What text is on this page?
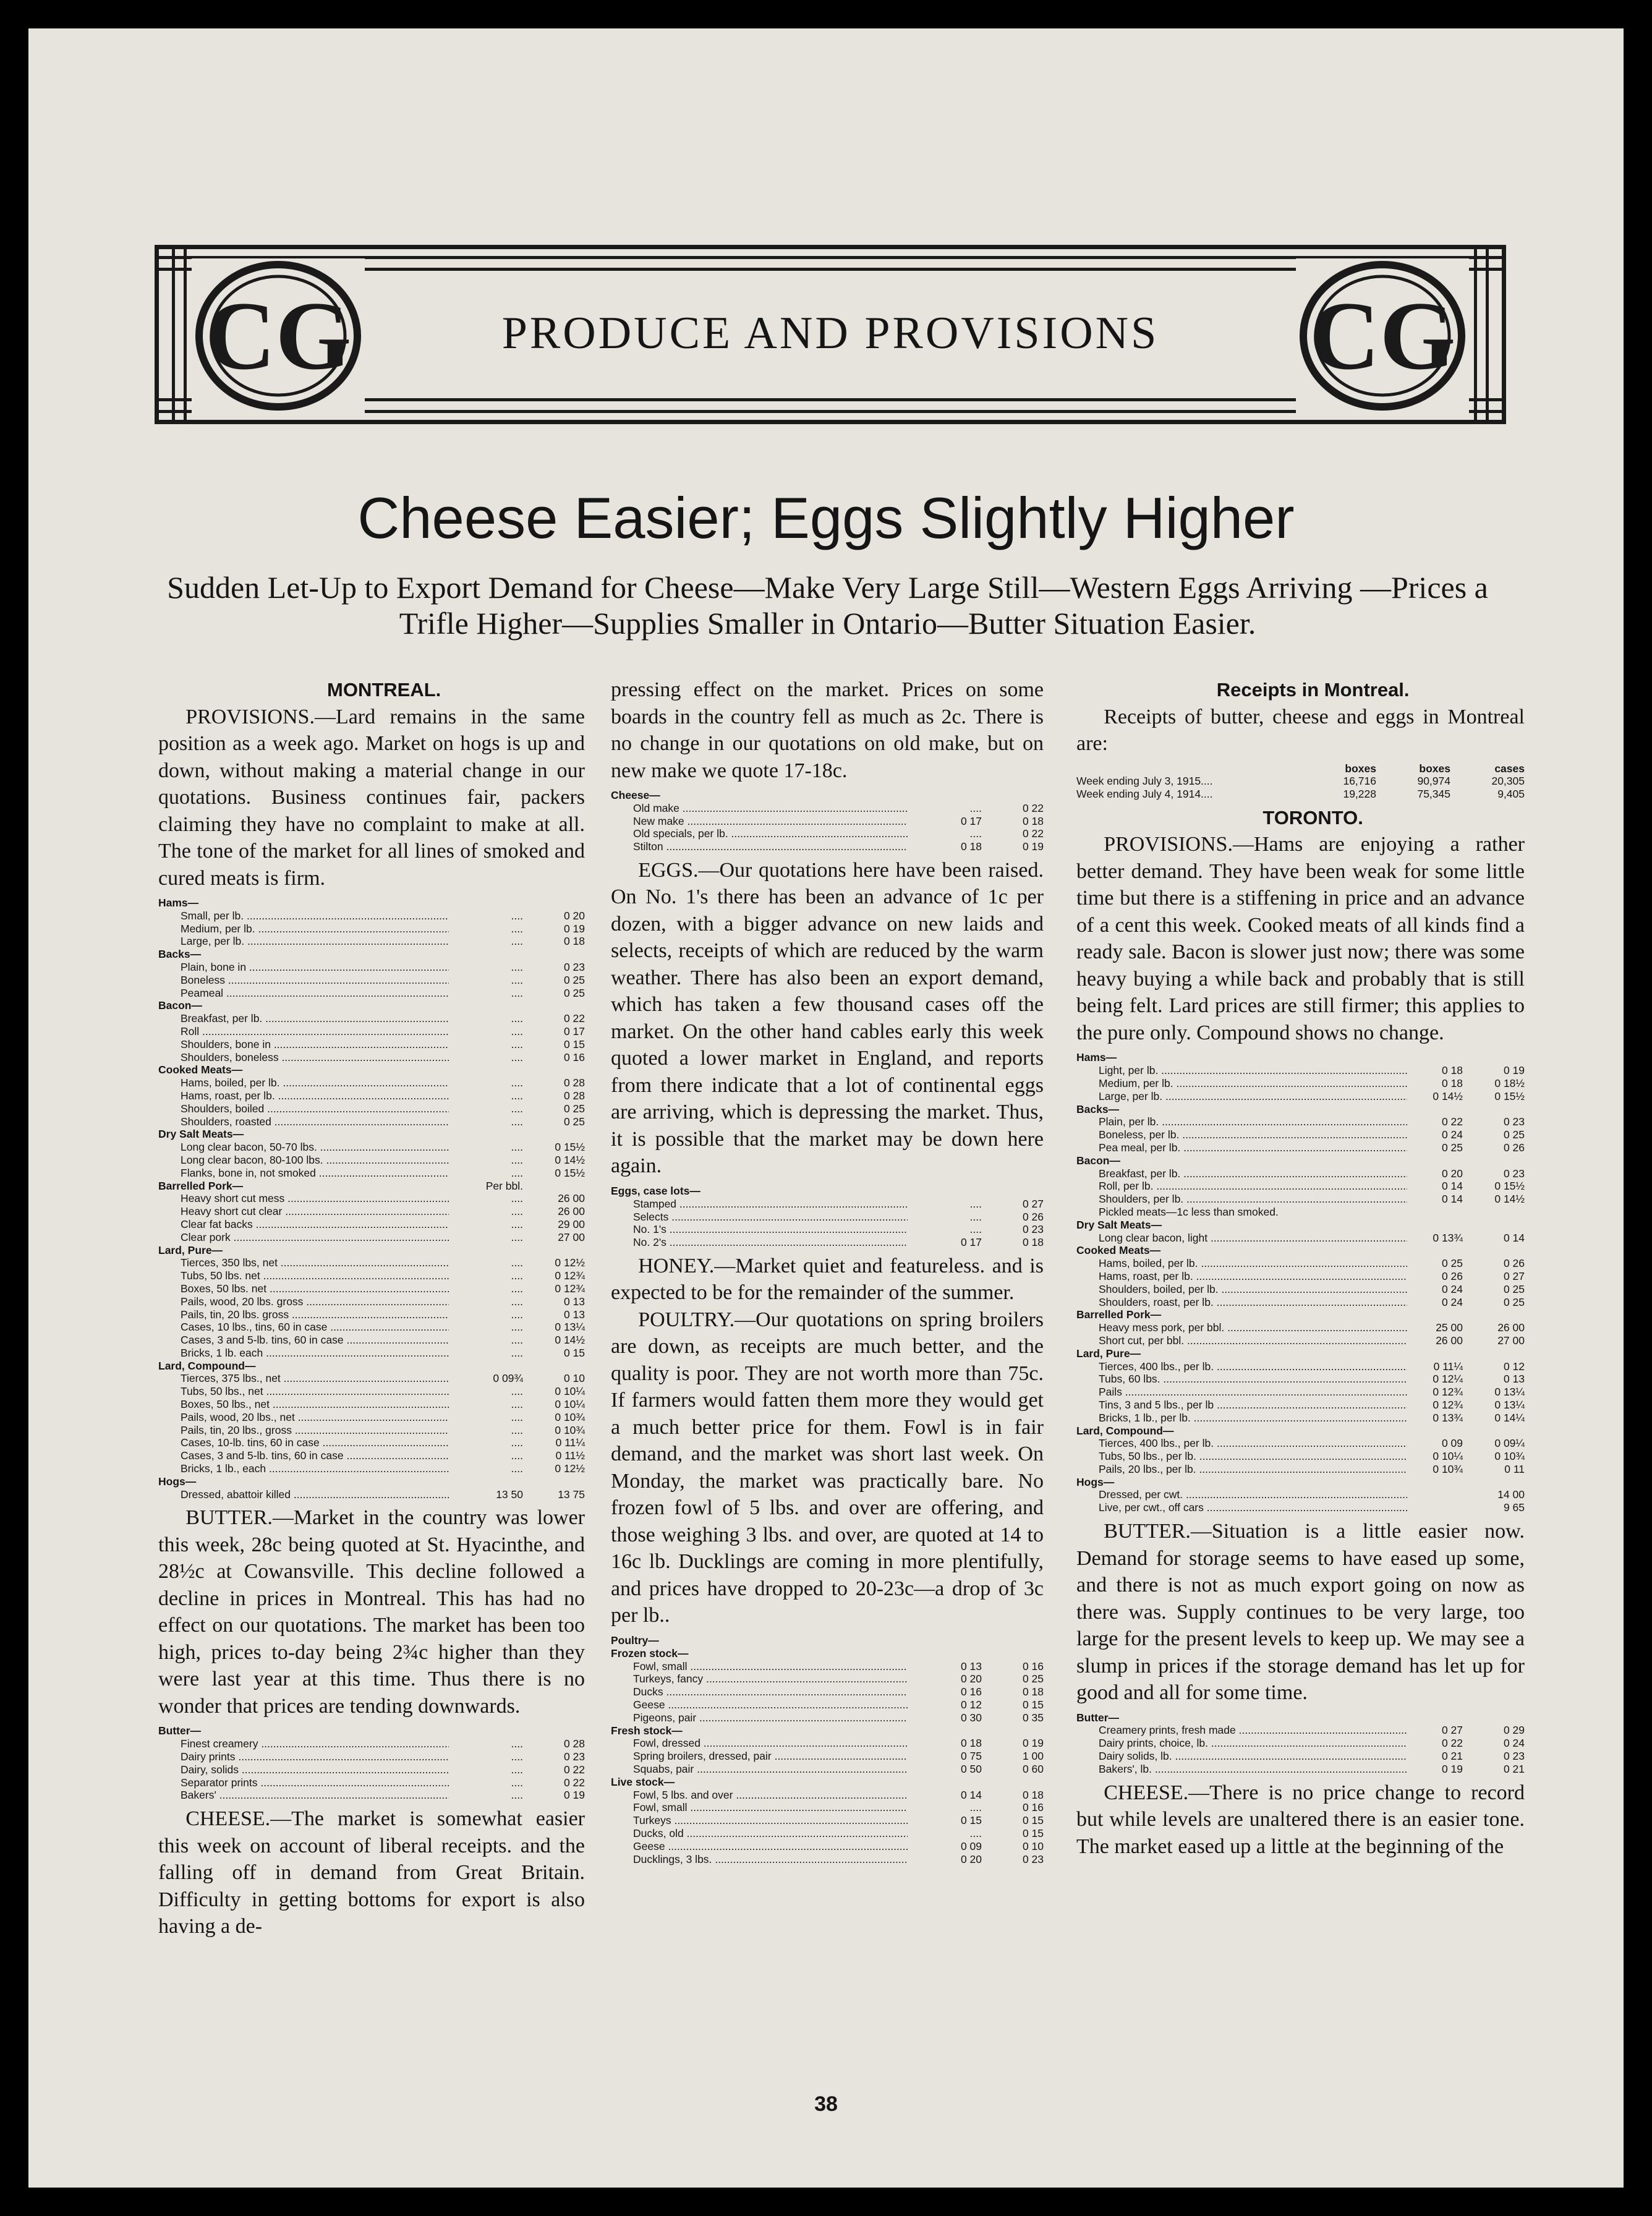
CG	PRODUCE AND PROVISIONS	CG
Cheese Easier; Eggs Slightly Higher
Sudden Let-Up to Export Demand for Cheese—Make Very Large Still—Western Eggs Arriving —Prices a Trifle Higher—Supplies Smaller in Ontario—Butter Situation Easier.

MONTREAL.

PROVISIONS.—Lard remains in the same position as a week ago. Market on hogs is up and down, without making a material change in our quotations. Business continues fair, packers claiming they have no complaint to make at all. The tone of the market for all lines of smoked and cured meats is firm.

Hams—		
Small, per lb. .....	....	0 20
Medium, per lb. .....	....	0 19
Large, per lb. .....	....	0 18
Backs—		
Plain, bone in .....	....	0 23
Boneless .....	....	0 25
Peameal .....	....	0 25
Bacon—		
Breakfast, per lb. .....	....	0 22
Roll .....	....	0 17
Shoulders, bone in .....	....	0 15
Shoulders, boneless .....	....	0 16
Cooked Meats—		
Hams, boiled, per lb. .....	....	0 28
Hams, roast, per lb. .....	....	0 28
Shoulders, boiled .....	....	0 25
Shoulders, roasted .....	....	0 25
Dry Salt Meats—		
Long clear bacon, 50-70 lbs. .....	....	0 15½
Long clear bacon, 80-100 lbs. .....	....	0 14½
Flanks, bone in, not smoked .....	....	0 15½
Barrelled Pork—	Per bbl.	
Heavy short cut mess .....	....	26 00
Heavy short cut clear .....	....	26 00
Clear fat backs .....	....	29 00
Clear pork .....	....	27 00
Lard, Pure—		
Tierces, 350 lbs, net .....	....	0 12½
Tubs, 50 lbs. net .....	....	0 12¾
Boxes, 50 lbs. net .....	....	0 12¾
Pails, wood, 20 lbs. gross .....	....	0 13
Pails, tin, 20 lbs. gross .....	....	0 13
Cases, 10 lbs., tins, 60 in case .....	....	0 13¼
Cases, 3 and 5-lb. tins, 60 in case .....	....	0 14½
Bricks, 1 lb. each .....	....	0 15
Lard, Compound—		
Tierces, 375 lbs., net .....	0 09¾	0 10
Tubs, 50 lbs., net .....	....	0 10¼
Boxes, 50 lbs., net .....	....	0 10¼
Pails, wood, 20 lbs., net .....	....	0 10¾
Pails, tin, 20 lbs., gross .....	....	0 10¾
Cases, 10-lb. tins, 60 in case .....	....	0 11¼
Cases, 3 and 5-lb. tins, 60 in case .....	....	0 11½
Bricks, 1 lb., each .....	....	0 12½
Hogs—		
Dressed, abattoir killed .....	13 50	13 75

BUTTER.—Market in the country was lower this week, 28c being quoted at St. Hyacinthe, and 28½c at Cowansville. This decline followed a decline in prices in Montreal. This has had no effect on our quotations. The market has been too high, prices to-day being 2¾c higher than they were last year at this time. Thus there is no wonder that prices are tending downwards.

Butter—		
Finest creamery .....	....	0 28
Dairy prints .....	....	0 23
Dairy, solids .....	....	0 22
Separator prints .....	....	0 22
Bakers' .....	....	0 19

CHEESE.—The market is somewhat easier this week on account of liberal receipts. and the falling off in demand from Great Britain. Difficulty in getting bottoms for export is also having a de-

pressing effect on the market. Prices on some boards in the country fell as much as 2c. There is no change in our quotations on old make, but on new make we quote 17-18c.

Cheese—		
Old make .....	....	0 22
New make .....	0 17	0 18
Old specials, per lb. .....	....	0 22
Stilton .....	0 18	0 19

EGGS.—Our quotations here have been raised. On No. 1's there has been an advance of 1c per dozen, with a bigger advance on new laids and selects, receipts of which are reduced by the warm weather. There has also been an export demand, which has taken a few thousand cases off the market. On the other hand cables early this week quoted a lower market in England, and reports from there indicate that a lot of continental eggs are arriving, which is depressing the market. Thus, it is possible that the market may be down here again.

Eggs, case lots—		
Stamped .....	....	0 27
Selects .....	....	0 26
No. 1's .....	....	0 23
No. 2's .....	0 17	0 18

HONEY.—Market quiet and featureless. and is expected to be for the remainder of the summer.

POULTRY.—Our quotations on spring broilers are down, as receipts are much better, and the quality is poor. They are not worth more than 75c. If farmers would fatten them more they would get a much better price for them. Fowl is in fair demand, and the market was short last week. On Monday, the market was practically bare. No frozen fowl of 5 lbs. and over are offering, and those weighing 3 lbs. and over, are quoted at 14 to 16c lb. Ducklings are coming in more plentifully, and prices have dropped to 20-23c—a drop of 3c per lb..

Poultry—		
Frozen stock—		
Fowl, small .....	0 13	0 16
Turkeys, fancy .....	0 20	0 25
Ducks .....	0 16	0 18
Geese .....	0 12	0 15
Pigeons, pair .....	0 30	0 35
Fresh stock—		
Fowl, dressed .....	0 18	0 19
Spring broilers, dressed, pair .....	0 75	1 00
Squabs, pair .....	0 50	0 60
Live stock—		
Fowl, 5 lbs. and over .....	0 14	0 18
Fowl, small .....	....	0 16
Turkeys .....	0 15	0 15
Ducks, old .....	....	0 15
Geese .....	0 09	0 10
Ducklings, 3 lbs. .....	0 20	0 23

Receipts in Montreal.

Receipts of butter, cheese and eggs in Montreal are:

	boxes	boxes	cases
Week ending July 3, 1915....	16,716	90,974	20,305
Week ending July 4, 1914....	19,228	75,345	9,405

TORONTO.

PROVISIONS.—Hams are enjoying a rather better demand. They have been weak for some little time but there is a stiffening in price and an advance of a cent this week. Cooked meats of all kinds find a ready sale. Bacon is slower just now; there was some heavy buying a while back and probably that is still being felt. Lard prices are still firmer; this applies to the pure only. Compound shows no change.

Hams—		
Light, per lb. .....	0 18	0 19
Medium, per lb. .....	0 18	0 18½
Large, per lb. .....	0 14½	0 15½
Backs—		
Plain, per lb. .....	0 22	0 23
Boneless, per lb. .....	0 24	0 25
Pea meal, per lb. .....	0 25	0 26
Bacon—		
Breakfast, per lb. .....	0 20	0 23
Roll, per lb. .....	0 14	0 15½
Shoulders, per lb. .....	0 14	0 14½
Pickled meats—1c less than smoked.		
Dry Salt Meats—		
Long clear bacon, light .....	0 13¾	0 14
Cooked Meats—		
Hams, boiled, per lb. .....	0 25	0 26
Hams, roast, per lb. .....	0 26	0 27
Shoulders, boiled, per lb. .....	0 24	0 25
Shoulders, roast, per lb. .....	0 24	0 25
Barrelled Pork—		
Heavy mess pork, per bbl. .....	25 00	26 00
Short cut, per bbl. .....	26 00	27 00
Lard, Pure—		
Tierces, 400 lbs., per lb. .....	0 11¼	0 12
Tubs, 60 lbs. .....	0 12¼	0 13
Pails .....	0 12¾	0 13¼
Tins, 3 and 5 lbs., per lb .....	0 12¾	0 13¼
Bricks, 1 lb., per lb. .....	0 13¾	0 14¼
Lard, Compound—		
Tierces, 400 lbs., per lb. .....	0 09	0 09¼
Tubs, 50 lbs., per lb. .....	0 10¼	0 10¾
Pails, 20 lbs., per lb. .....	0 10¾	0 11
Hogs—		
Dressed, per cwt. .....		14 00
Live, per cwt., off cars .....		9 65

BUTTER.—Situation is a little easier now. Demand for storage seems to have eased up some, and there is not as much export going on now as there was. Supply continues to be very large, too large for the present levels to keep up. We may see a slump in prices if the storage demand has let up for good and all for some time.

Butter—		
Creamery prints, fresh made .....	0 27	0 29
Dairy prints, choice, lb. .....	0 22	0 24
Dairy solids, lb. .....	0 21	0 23
Bakers', lb. .....	0 19	0 21

CHEESE.—There is no price change to record but while levels are unaltered there is an easier tone. The market eased up a little at the beginning of the

38
